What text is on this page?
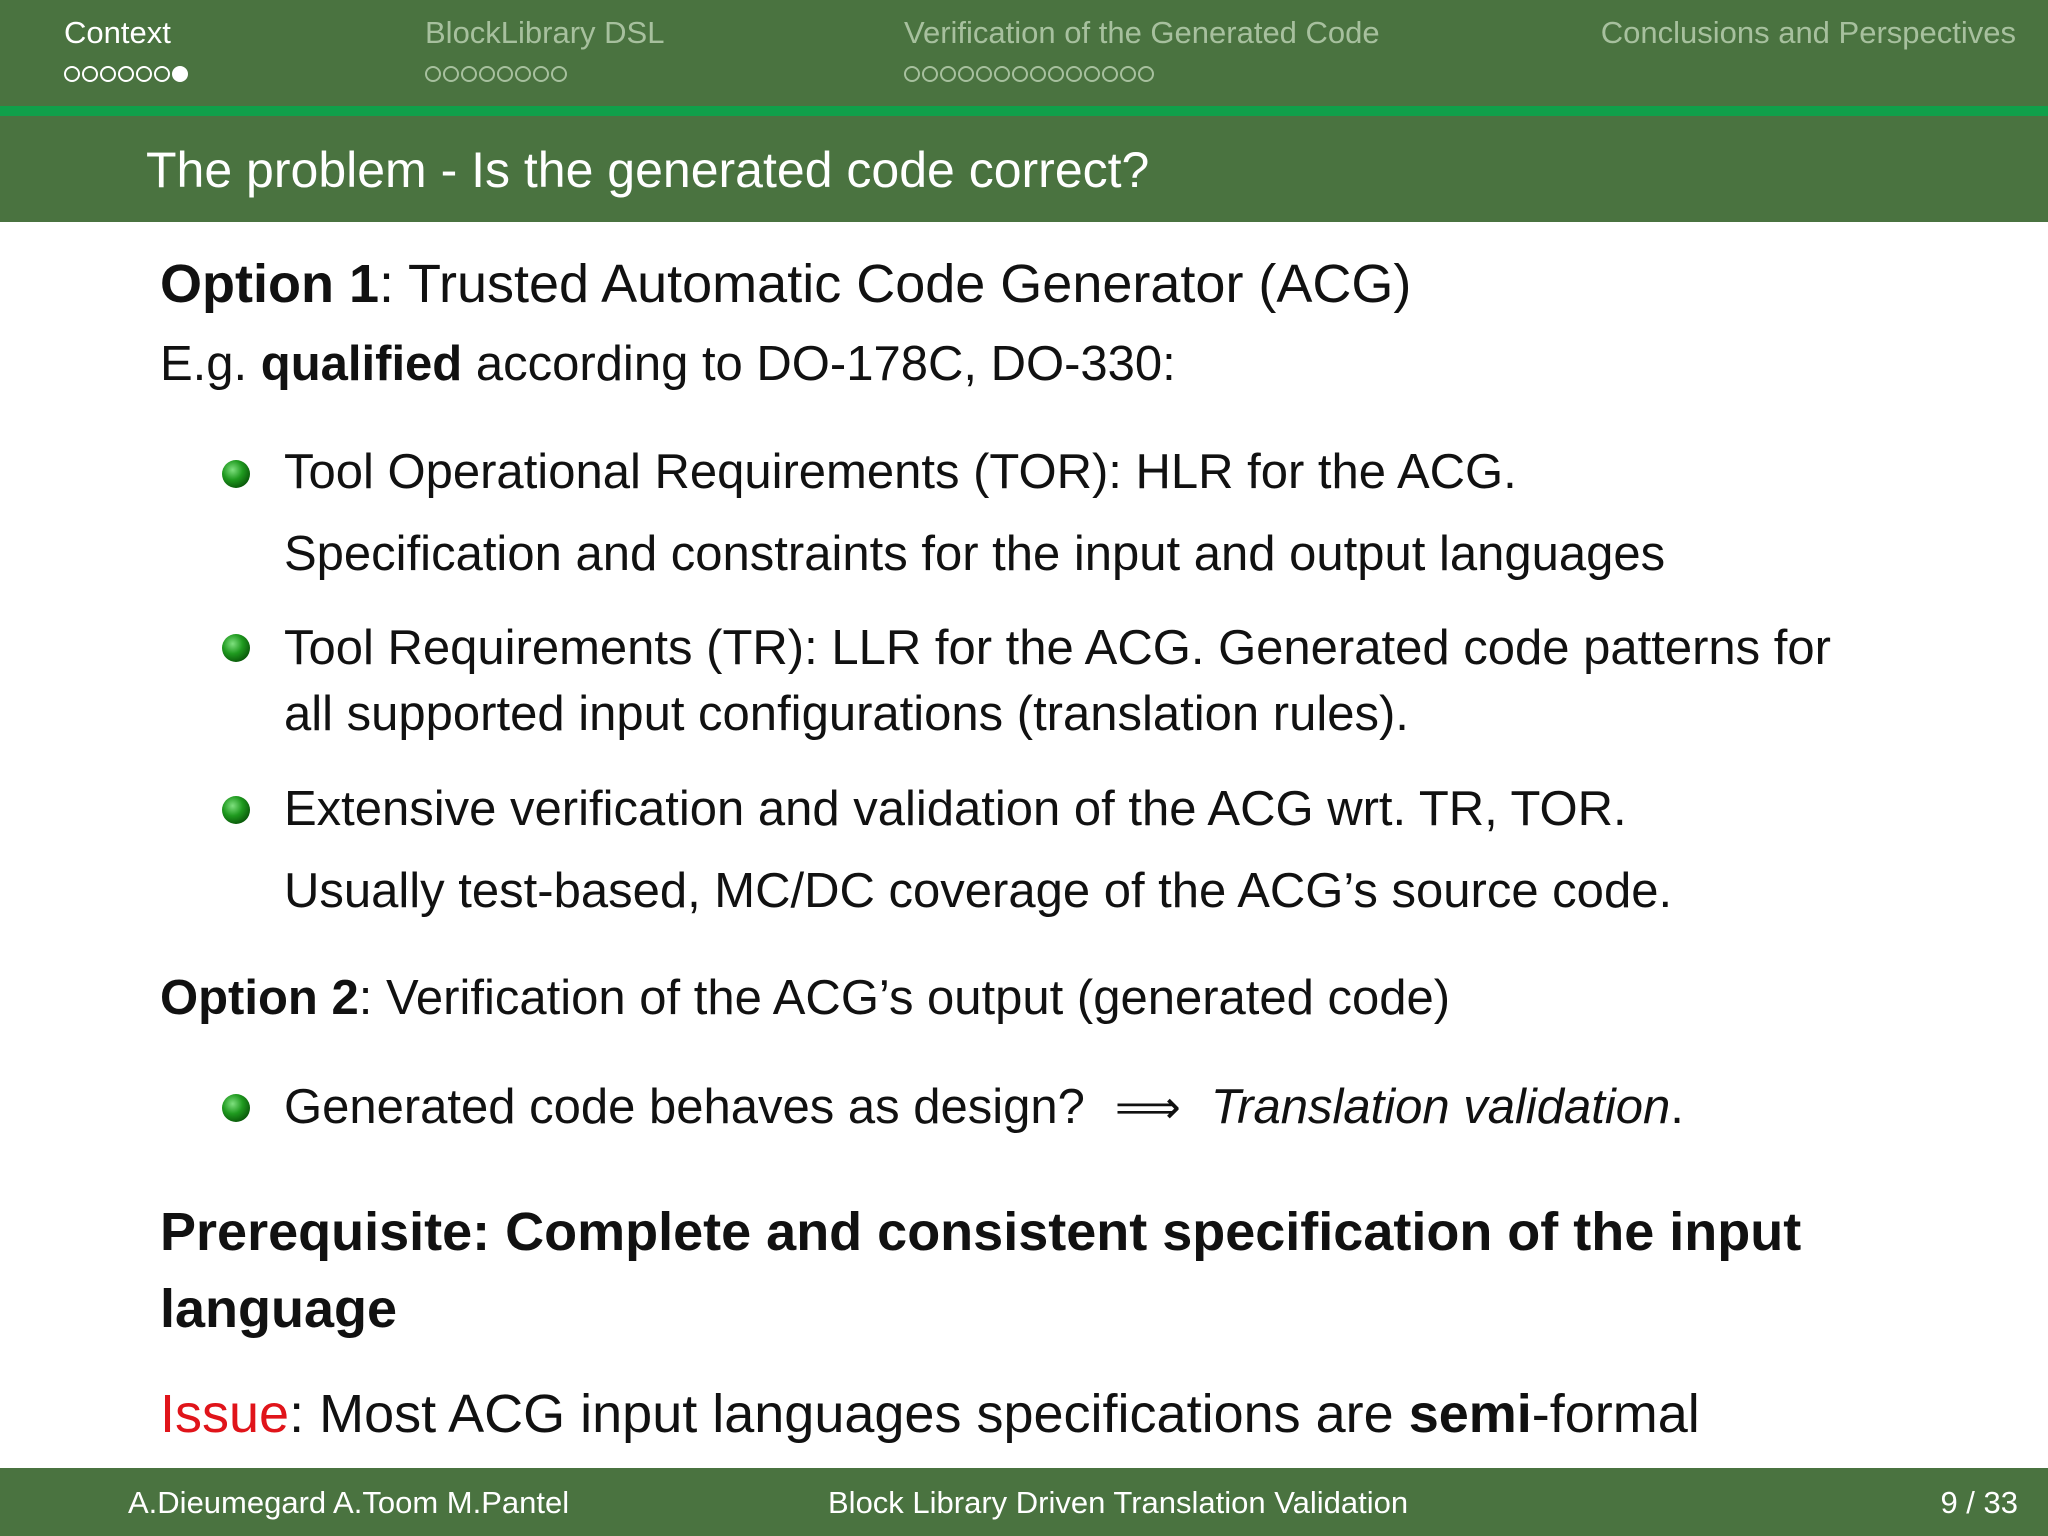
Context	BlockLibrary DSL	Verification of the Generated Code	Conclusions and Perspectives
The problem - Is the generated code correct?
Option 1: Trusted Automatic Code Generator (ACG)
E.g. qualified according to DO-178C, DO-330:
Tool Operational Requirements (TOR): HLR for the ACG.
Specification and constraints for the input and output languages
Tool Requirements (TR): LLR for the ACG. Generated code patterns for
all supported input configurations (translation rules).
Extensive verification and validation of the ACG wrt. TR, TOR.
Usually test-based, MC/DC coverage of the ACG’s source code.
Option 2: Verification of the ACG’s output (generated code)
Generated code behaves as design? ⟹ Translation validation.
Prerequisite: Complete and consistent specification of the input
language
Issue: Most ACG input languages specifications are semi-formal
A.Dieumegard A.Toom M.Pantel	Block Library Driven Translation Validation	9 / 33
